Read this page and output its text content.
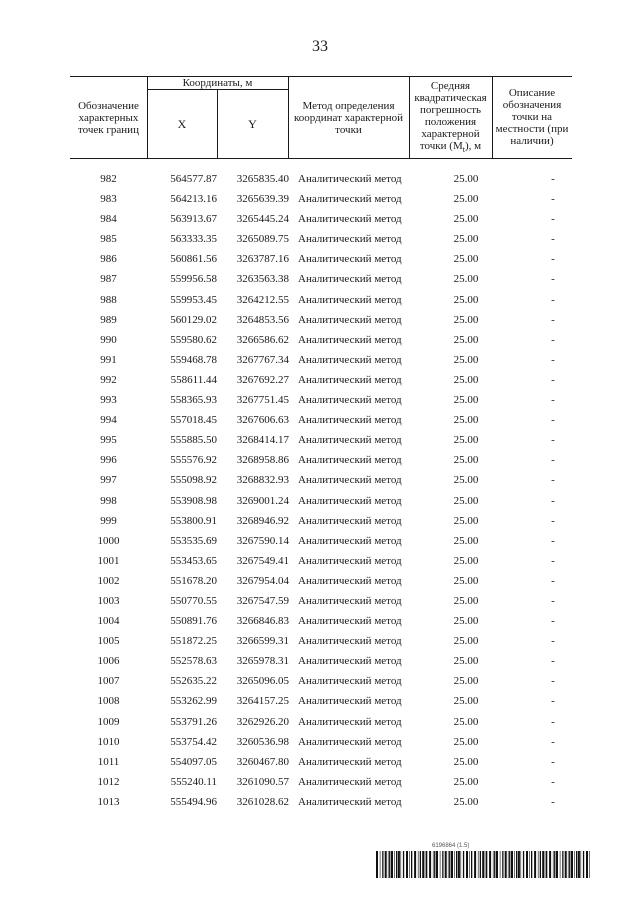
33
Обозначение характерных точек границ
Координаты, м
X	Y
Метод определения координат характерной точки
Средняя квадратическая погрешность положения характерной
точки $(M_t)$, м
Описание обозначения точки на местности (при наличии)
982	564577.87	3265835.40 Аналитический метод	25.00	-
983	564213.16	3265639.39 Аналитический метод	25.00	-
984	563913.67	3265445.24 Аналитический метод	25.00	-
985	563333.35	3265089.75 Аналитический метод	25.00	-
986	560861.56	3263787.16 Аналитический метод	25.00	-
987	559956.58	3263563.38 Аналитический метод	25.00	-
988	559953.45	3264212.55 Аналитический метод	25.00	-
989	560129.02	3264853.56 Аналитический метод	25.00	-
990	559580.62	3266586.62 Аналитический метод	25.00	-
991	559468.78	3267767.34 Аналитический метод	25.00	-
992	558611.44	3267692.27 Аналитический метод	25.00	-
993	558365.93	3267751.45 Аналитический метод	25.00	-
994	557018.45	3267606.63 Аналитический метод	25.00	-
995	555885.50	3268414.17 Аналитический метод	25.00	-
996	555576.92	3268958.86 Аналитический метод	25.00	-
997	555098.92	3268832.93 Аналитический метод	25.00	-
998	553908.98	3269001.24 Аналитический метод	25.00	-
999	553800.91	3268946.92 Аналитический метод	25.00	-
1000	553535.69	3267590.14 Аналитический метод	25.00	-
1001	553453.65	3267549.41 Аналитический метод	25.00	-
1002	551678.20	3267954.04 Аналитический метод	25.00	-
1003	550770.55	3267547.59 Аналитический метод	25.00	-
1004	550891.76	3266846.83 Аналитический метод	25.00	-
1005	551872.25	3266599.31 Аналитический метод	25.00	-
1006	552578.63	3265978.31 Аналитический метод	25.00	-
1007	552635.22	3265096.05 Аналитический метод	25.00	-
1008	553262.99	3264157.25 Аналитический метод	25.00	-
1009	553791.26	3262926.20 Аналитический метод	25.00	-
1010	553754.42	3260536.98 Аналитический метод	25.00	-
1011	554097.05	3260467.80 Аналитический метод	25.00	-
1012	555240.11	3261090.57 Аналитический метод	25.00	-
1013	555494.96	3261028.62 Аналитический метод	25.00	-
6196864 (1.5)
